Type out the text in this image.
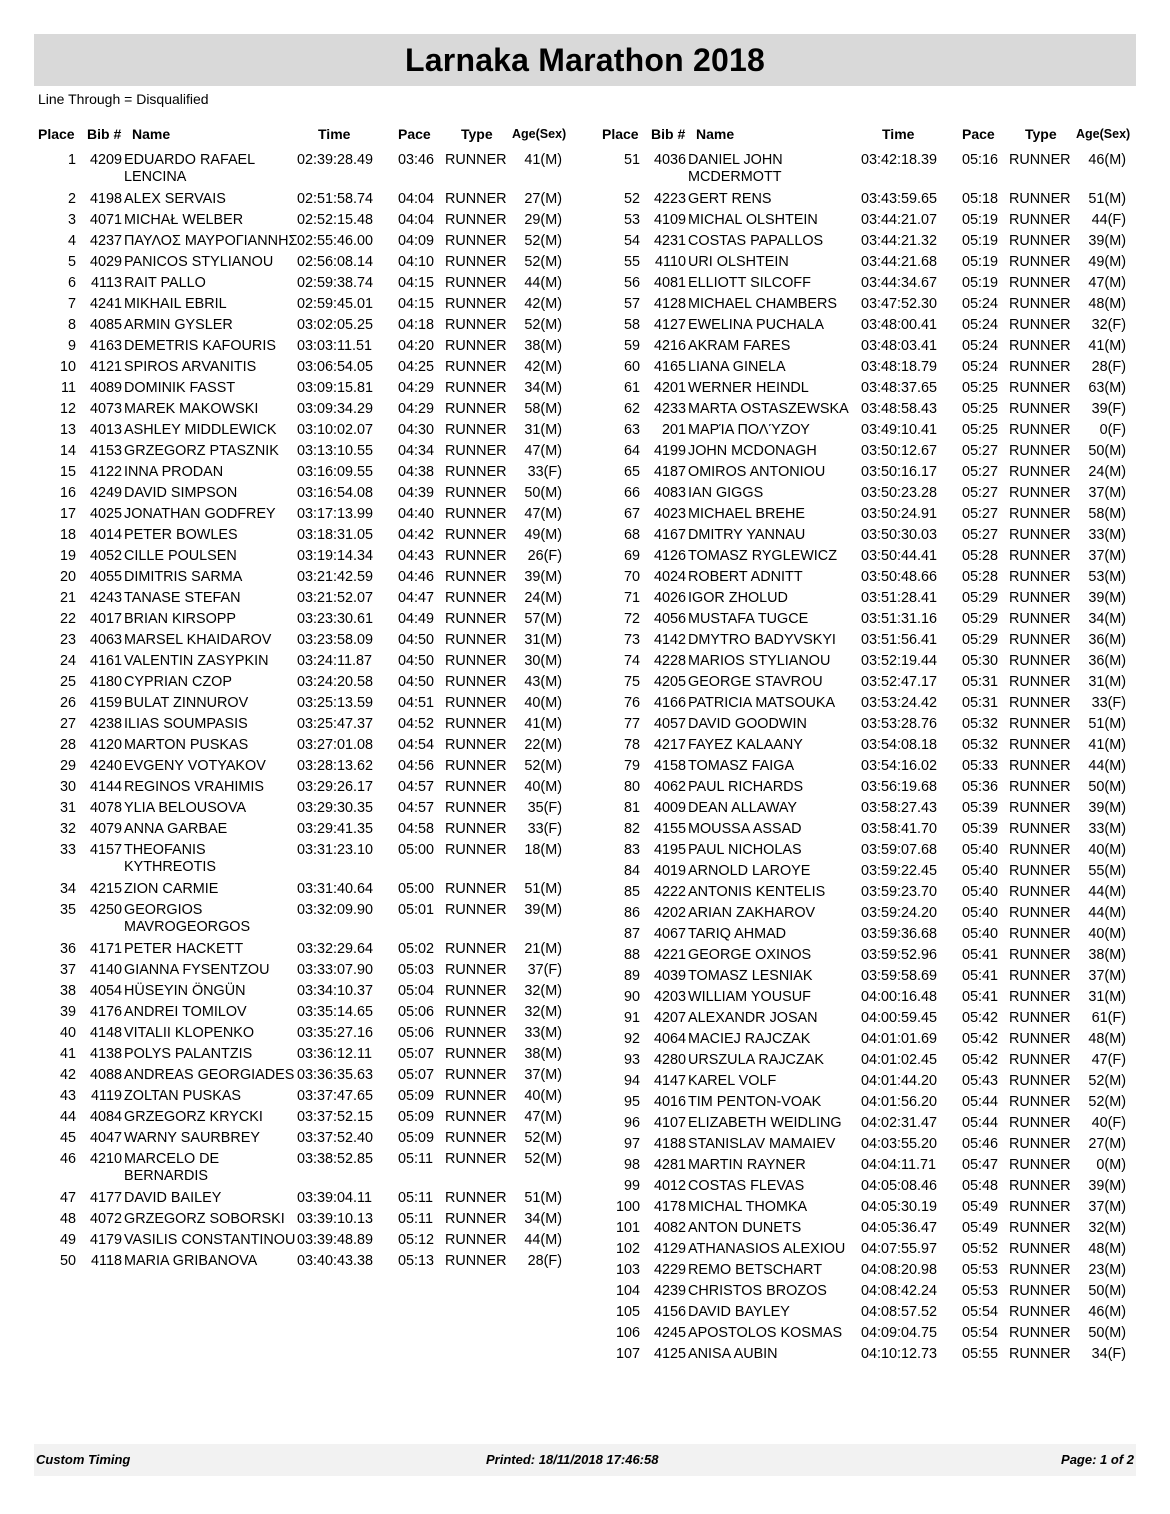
Larnaka Marathon 2018
Line Through = Disqualified
Place Bib # Name	Time	Pace Type Age(Sex)
1 4209 EDUARDO RAFAEL LENCINA
02:39:28.49 03:46 RUNNER	41(M)
2 4198 ALEX SERVAIS	02:51:58.74 04:04 RUNNER	27(M)
3 4071 MICHAŁ WELBER	02:52:15.48 04:04 RUNNER	29(M)
4 4237 ΠΑΥΛΟΣ ΜΑΥΡΟΓΙΑΝΝΗΣ 02:55:46.00 04:09 RUNNER	52(M)
5 4029 PANICOS STYLIANOU	02:56:08.14 04:10 RUNNER	52(M)
6	4113 RAIT PALLO	02:59:38.74 04:15 RUNNER	44(M)
7 4241 MIKHAIL EBRIL	02:59:45.01 04:15 RUNNER	42(M)
8 4085 ARMIN GYSLER	03:02:05.25 04:18 RUNNER	52(M)
9 4163 DEMETRIS KAFOURIS	03:03:11.51 04:20 RUNNER	38(M)
10 4121 SPIROS ARVANITIS	03:06:54.05 04:25 RUNNER	42(M)
11 4089 DOMINIK FASST	03:09:15.81 04:29 RUNNER	34(M)
12 4073 MAREK MAKOWSKI	03:09:34.29 04:29 RUNNER	58(M)
13 4013 ASHLEY MIDDLEWICK	03:10:02.07 04:30 RUNNER	31(M)
14 4153 GRZEGORZ PTASZNIK	03:13:10.55 04:34 RUNNER	47(M)
15 4122 INNA PRODAN	03:16:09.55 04:38 RUNNER	33(F)
16 4249 DAVID SIMPSON	03:16:54.08 04:39 RUNNER	50(M)
17 4025 JONATHAN GODFREY	03:17:13.99 04:40 RUNNER	47(M)
18 4014 PETER BOWLES	03:18:31.05 04:42 RUNNER	49(M)
19 4052 CILLE POULSEN	03:19:14.34 04:43 RUNNER	26(F)
20 4055 DIMITRIS SARMA	03:21:42.59 04:46 RUNNER	39(M)
21 4243 TANASE STEFAN	03:21:52.07 04:47 RUNNER	24(M)
22 4017 BRIAN KIRSOPP	03:23:30.61 04:49 RUNNER	57(M)
23 4063 MARSEL KHAIDAROV	03:23:58.09 04:50 RUNNER	31(M)
24 4161 VALENTIN ZASYPKIN	03:24:11.87 04:50 RUNNER	30(M)
25 4180 CYPRIAN CZOP	03:24:20.58 04:50 RUNNER	43(M)
26 4159 BULAT ZINNUROV	03:25:13.59 04:51 RUNNER	40(M)
27 4238 ILIAS SOUMPASIS	03:25:47.37 04:52 RUNNER	41(M)
28 4120 MARTON PUSKAS	03:27:01.08 04:54 RUNNER	22(M)
29 4240 EVGENY VOTYAKOV	03:28:13.62 04:56 RUNNER	52(M)
30 4144 REGINOS VRAHIMIS	03:29:26.17 04:57 RUNNER	40(M)
31 4078 YLIA BELOUSOVA	03:29:30.35 04:57 RUNNER	35(F)
32 4079 ANNA GARBAE	03:29:41.35 04:58 RUNNER	33(F)
33 4157 THEOFANIS KYTHREOTIS
03:31:23.10 05:00 RUNNER	18(M)
34 4215 ZION CARMIE	03:31:40.64 05:00 RUNNER	51(M)
35 4250 GEORGIOS MAVROGEORGOS
03:32:09.90 05:01 RUNNER	39(M)
36 4171 PETER HACKETT	03:32:29.64 05:02 RUNNER	21(M)
37 4140 GIANNA FYSENTZOU	03:33:07.90 05:03 RUNNER	37(F)
38 4054 HÜSEYIN ÖNGÜN	03:34:10.37 05:04 RUNNER	32(M)
39 4176 ANDREI TOMILOV	03:35:14.65 05:06 RUNNER	32(M)
40 4148 VITALII KLOPENKO	03:35:27.16 05:06 RUNNER	33(M)
41 4138 POLYS PALANTZIS	03:36:12.11 05:07 RUNNER	38(M)
42 4088 ANDREAS GEORGIADES 03:36:35.63 05:07 RUNNER	37(M)
43	4119 ZOLTAN PUSKAS	03:37:47.65 05:09 RUNNER	40(M)
44 4084 GRZEGORZ KRYCKI	03:37:52.15 05:09 RUNNER	47(M)
45 4047 WARNY SAURBREY	03:37:52.40 05:09 RUNNER	52(M)
46 4210 MARCELO DE BERNARDIS
03:38:52.85 05:11 RUNNER	52(M)
47 4177 DAVID BAILEY	03:39:04.11 05:11 RUNNER	51(M)
48 4072 GRZEGORZ SOBORSKI 03:39:10.13 05:11 RUNNER	34(M)
49 4179 VASILIS CONSTANTINOU 03:39:48.89 05:12 RUNNER	44(M)
50	4118 MARIA GRIBANOVA	03:40:43.38 05:13 RUNNER	28(F)
Place Bib # Name	Time	Pace Type Age(Sex)
51 4036 DANIEL JOHN MCDERMOTT
03:42:18.39 05:16 RUNNER	46(M)
52 4223 GERT RENS	03:43:59.65 05:18 RUNNER	51(M)
53 4109 MICHAL OLSHTEIN	03:44:21.07 05:19 RUNNER	44(F)
54 4231 COSTAS PAPALLOS	03:44:21.32 05:19 RUNNER	39(M)
55	4110 URI OLSHTEIN	03:44:21.68 05:19 RUNNER	49(M)
56 4081 ELLIOTT SILCOFF	03:44:34.67 05:19 RUNNER	47(M)
57 4128 MICHAEL CHAMBERS	03:47:52.30 05:24 RUNNER	48(M)
58 4127 EWELINA PUCHALA	03:48:00.41 05:24 RUNNER	32(F)
59 4216 AKRAM FARES	03:48:03.41 05:24 RUNNER	41(M)
60 4165 LIANA GINELA	03:48:18.79 05:24 RUNNER	28(F)
61 4201 WERNER HEINDL	03:48:37.65 05:25 RUNNER	63(M)
62 4233 MARTA OSTASZEWSKA 03:48:58.43 05:25 RUNNER	39(F)
63	201 ΜΑΡΊΑ ΠΟΛΎΖΟΥ	03:49:10.41 05:25 RUNNER	0(F)
64 4199 JOHN MCDONAGH	03:50:12.67 05:27 RUNNER	50(M)
65 4187 OMIROS ANTONIOU	03:50:16.17 05:27 RUNNER	24(M)
66 4083 IAN GIGGS	03:50:23.28 05:27 RUNNER	37(M)
67 4023 MICHAEL BREHE	03:50:24.91 05:27 RUNNER	58(M)
68 4167 DMITRY YANNAU	03:50:30.03 05:27 RUNNER	33(M)
69 4126 TOMASZ RYGLEWICZ	03:50:44.41 05:28 RUNNER	37(M)
70 4024 ROBERT ADNITT	03:50:48.66 05:28 RUNNER	53(M)
71 4026 IGOR ZHOLUD	03:51:28.41 05:29 RUNNER	39(M)
72 4056 MUSTAFA TUGCE	03:51:31.16 05:29 RUNNER	34(M)
73 4142 DMYTRO BADYVSKYI	03:51:56.41 05:29 RUNNER	36(M)
74 4228 MARIOS STYLIANOU	03:52:19.44 05:30 RUNNER	36(M)
75 4205 GEORGE STAVROU	03:52:47.17 05:31 RUNNER	31(M)
76 4166 PATRICIA MATSOUKA	03:53:24.42 05:31 RUNNER	33(F)
77 4057 DAVID GOODWIN	03:53:28.76 05:32 RUNNER	51(M)
78 4217 FAYEZ KALAANY	03:54:08.18 05:32 RUNNER	41(M)
79 4158 TOMASZ FAIGA	03:54:16.02 05:33 RUNNER	44(M)
80 4062 PAUL RICHARDS	03:56:19.68 05:36 RUNNER	50(M)
81 4009 DEAN ALLAWAY	03:58:27.43 05:39 RUNNER	39(M)
82 4155 MOUSSA ASSAD	03:58:41.70 05:39 RUNNER	33(M)
83 4195 PAUL NICHOLAS	03:59:07.68 05:40 RUNNER	40(M)
84 4019 ARNOLD LAROYE	03:59:22.45 05:40 RUNNER	55(M)
85 4222 ANTONIS KENTELIS	03:59:23.70 05:40 RUNNER	44(M)
86 4202 ARIAN ZAKHAROV	03:59:24.20 05:40 RUNNER	44(M)
87 4067 TARIQ AHMAD	03:59:36.68 05:40 RUNNER	40(M)
88 4221 GEORGE OXINOS	03:59:52.96 05:41 RUNNER	38(M)
89 4039 TOMASZ LESNIAK	03:59:58.69 05:41 RUNNER	37(M)
90 4203 WILLIAM YOUSUF	04:00:16.48 05:41 RUNNER	31(M)
91 4207 ALEXANDR JOSAN	04:00:59.45 05:42 RUNNER	61(F)
92 4064 MACIEJ RAJCZAK	04:01:01.69 05:42 RUNNER	48(M)
93 4280 URSZULA RAJCZAK	04:01:02.45 05:42 RUNNER	47(F)
94 4147 KAREL VOLF	04:01:44.20 05:43 RUNNER	52(M)
95 4016 TIM PENTON-VOAK	04:01:56.20 05:44 RUNNER	52(M)
96 4107 ELIZABETH WEIDLING	04:02:31.47 05:44 RUNNER	40(F)
97 4188 STANISLAV MAMAIEV	04:03:55.20 05:46 RUNNER	27(M)
98 4281 MARTIN RAYNER	04:04:11.71 05:47 RUNNER	0(M)
99 4012 COSTAS FLEVAS	04:05:08.46 05:48 RUNNER	39(M)
100 4178 MICHAL THOMKA	04:05:30.19 05:49 RUNNER	37(M)
101 4082 ANTON DUNETS	04:05:36.47 05:49 RUNNER	32(M)
102 4129 ATHANASIOS ALEXIOU	04:07:55.97 05:52 RUNNER	48(M)
103 4229 REMO BETSCHART	04:08:20.98 05:53 RUNNER	23(M)
104 4239 CHRISTOS BROZOS	04:08:42.24 05:53 RUNNER	50(M)
105 4156 DAVID BAYLEY	04:08:57.52 05:54 RUNNER	46(M)
106 4245 APOSTOLOS KOSMAS	04:09:04.75 05:54 RUNNER	50(M)
107 4125 ANISA AUBIN	04:10:12.73 05:55 RUNNER	34(F)
Custom Timing	Printed: 18/11/2018 17:46:58	Page: 1 of 2
